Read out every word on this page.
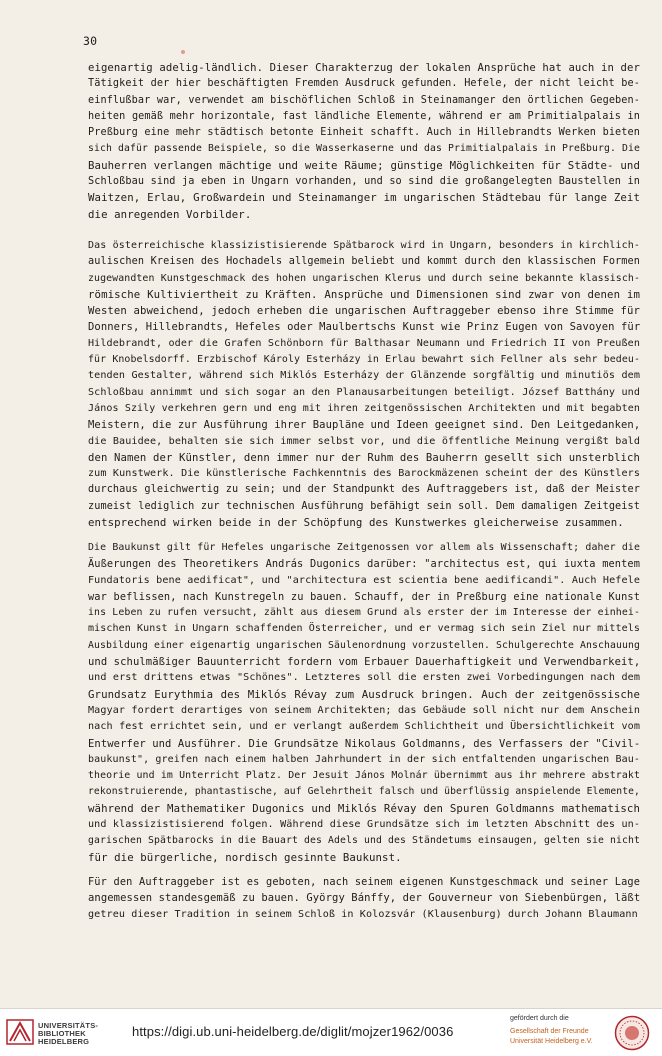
30
eigenartig adelig-ländlich. Dieser Charakterzug der lokalen Ansprüche hat auch in der
Tätigkeit der hier beschäftigten Fremden Ausdruck gefunden. Hefele, der nicht leicht be-
einflußbar war, verwendet am bischöflichen Schloß in Steinamanger den örtlichen Gegeben-
heiten gemäß mehr horizontale, fast ländliche Elemente, während er am Primitialpalais in
Preßburg eine mehr städtisch betonte Einheit schafft. Auch in Hillebrandts Werken bieten
sich dafür passende Beispiele, so die Wasserkaserne und das Primitialpalais in Preßburg. Die
Bauherren verlangen mächtige und weite Räume; günstige Möglichkeiten für Städte- und
Schloßbau sind ja eben in Ungarn vorhanden, und so sind die großangelegten Baustellen in
Waitzen, Erlau, Großwardein und Steinamanger im ungarischen Städtebau für lange Zeit
die anregenden Vorbilder.
Das österreichische klassizistisierende Spätbarock wird in Ungarn, besonders in kirchlich-
aulischen Kreisen des Hochadels allgemein beliebt und kommt durch den klassischen Formen
zugewandten Kunstgeschmack des hohen ungarischen Klerus und durch seine bekannte klassisch-
römische Kultiviertheit zu Kräften. Ansprüche und Dimensionen sind zwar von denen im
Westen abweichend, jedoch erheben die ungarischen Auftraggeber ebenso ihre Stimme für
Donners, Hillebrandts, Hefeles oder Maulbertschs Kunst wie Prinz Eugen von Savoyen für
Hildebrandt, oder die Grafen Schönborn für Balthasar Neumann und Friedrich II von Preußen
für Knobelsdorff. Erzbischof Károly Esterházy in Erlau bewahrt sich Fellner als sehr bedeu-
tenden Gestalter, während sich Miklós Esterházy der Glänzende sorgfältig und minutiös dem
Schloßbau annimmt und sich sogar an den Planausarbeitungen beteiligt. József Batthány und
János Szily verkehren gern und eng mit ihren zeitgenössischen Architekten und mit begabten
Meistern, die zur Ausführung ihrer Baupläne und Ideen geeignet sind. Den Leitgedanken,
die Bauidee, behalten sie sich immer selbst vor, und die öffentliche Meinung vergißt bald
den Namen der Künstler, denn immer nur der Ruhm des Bauherrn gesellt sich unsterblich
zum Kunstwerk. Die künstlerische Fachkenntnis des Barockmäzenen scheint der des Künstlers
durchaus gleichwertig zu sein; und der Standpunkt des Auftraggebers ist, daß der Meister
zumeist lediglich zur technischen Ausführung befähigt sein soll. Dem damaligen Zeitgeist
entsprechend wirken beide in der Schöpfung des Kunstwerkes gleicherweise zusammen.
Die Baukunst gilt für Hefeles ungarische Zeitgenossen vor allem als Wissenschaft; daher die
Äußerungen des Theoretikers András Dugonics darüber: "architectus est, qui iuxta mentem
Fundatoris bene aedificat", und "architectura est scientia bene aedificandi". Auch Hefele
war beflissen, nach Kunstregeln zu bauen. Schauff, der in Preßburg eine nationale Kunst
ins Leben zu rufen versucht, zählt aus diesem Grund als erster der im Interesse der einhei-
mischen Kunst in Ungarn schaffenden Österreicher, und er vermag sich sein Ziel nur mittels
Ausbildung einer eigenartig ungarischen Säulenordnung vorzustellen. Schulgerechte Anschauung
und schulmäßiger Bauunterricht fordern vom Erbauer Dauerhaftigkeit und Verwendbarkeit,
und erst drittens etwas "Schönes". Letzteres soll die ersten zwei Vorbedingungen nach dem
Grundsatz Eurythmia des Miklós Révay zum Ausdruck bringen. Auch der zeitgenössische
Magyar fordert derartiges von seinem Architekten; das Gebäude soll nicht nur dem Anschein
nach fest errichtet sein, und er verlangt außerdem Schlichtheit und Übersichtlichkeit vom
Entwerfer und Ausführer. Die Grundsätze Nikolaus Goldmanns, des Verfassers der "Civil-
baukunst", greifen nach einem halben Jahrhundert in der sich entfaltenden ungarischen Bau-
theorie und im Unterricht Platz. Der Jesuit János Molnár übernimmt aus ihr mehrere abstrakt
rekonstruierende, phantastische, auf Gelehrtheit falsch und überflüssig anspielende Elemente,
während der Mathematiker Dugonics und Miklós Révay den Spuren Goldmanns mathematisch
und klassizistisierend folgen. Während diese Grundsätze sich im letzten Abschnitt des un-
garischen Spätbarocks in die Bauart des Adels und des Ständetums einsaugen, gelten sie nicht
für die bürgerliche, nordisch gesinnte Baukunst.
Für den Auftraggeber ist es geboten, nach seinem eigenen Kunstgeschmack und seiner Lage
angemessen standesgemäß zu bauen. György Bánffy, der Gouverneur von Siebenbürgen, läßt
getreu dieser Tradition in seinem Schloß in Kolozsvár (Klausenburg) durch Johann Blaumann
UNIVERSITÄTS-
BIBLIOTHEK
HEIDELBERG
https://digi.ub.uni-heidelberg.de/diglit/mojzer1962/0036
gefördert durch die
Gesellschaft der Freunde
Universität Heidelberg e.V.
